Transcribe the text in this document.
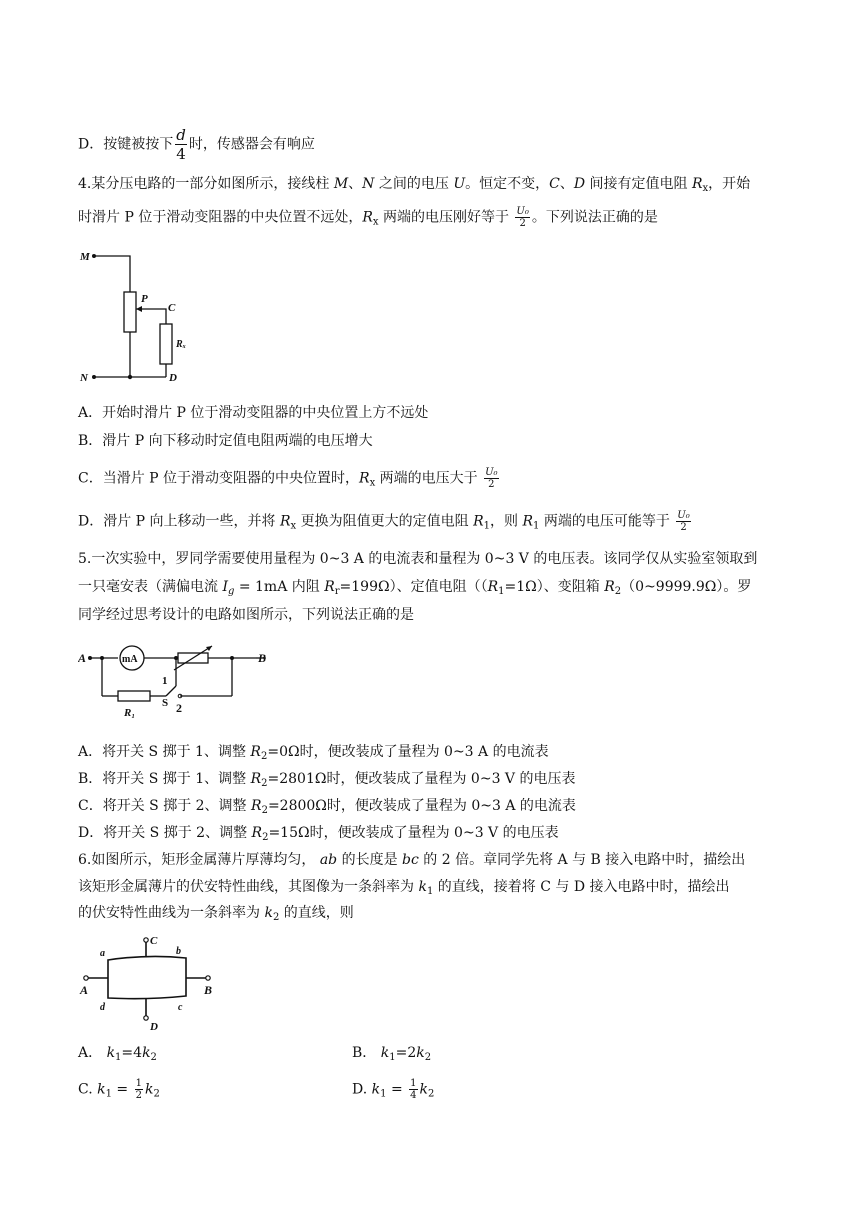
D．按键被按下 $\frac{d}{4}$ 时，传感器会有响应
4.某分压电路的一部分如图所示，接线柱 M、N 之间的电压 U。恒定不变，C、D 间接有定值电阻 $R_x$，开始
时滑片 P 位于滑动变阻器的中央位置不远处，$R_x$ 两端的电压刚好等于 $\frac{\text{U₀}}{2}$ 。下列说法正确的是
M
N
P
C
D
Rₓ
A．开始时滑片 P 位于滑动变阻器的中央位置上方不远处
B．滑片 P 向下移动时定值电阻两端的电压增大
C．当滑片 P 位于滑动变阻器的中央位置时，$R_x$ 两端的电压大于 $\frac{\text{U₀}}{2}$
D．滑片 P 向上移动一些，并将 $R_x$ 更换为阻值更大的定值电阻 $R_1$，则 $R_1$ 两端的电压可能等于 $\frac{\text{U₀}}{2}$
5.一次实验中，罗同学需要使用量程为 0~3 A 的电流表和量程为 0~3 V 的电压表。该同学仅从实验室领取到
一只毫安表（满偏电流 $I_g = 1mA$ 内阻 $R_r=199\Omega$）、定值电阻（$(R_1=1\Omega)$、变阻箱 $R_2(0\sim 9999.9\Omega)$。罗
同学经过思考设计的电路如图所示，下列说法正确的是
A	B
mA
R₁
S
1
2
A．将开关 S 掷于 1、调整 $R_2=0\Omega$时，便改装成了量程为 0~3 A 的电流表
B．将开关 S 掷于 1、调整 $R_2=2801\Omega$时，便改装成了量程为 0~3 V 的电压表
C．将开关 S 掷于 2、调整 $R_2=2800\Omega$时，便改装成了量程为 0~3 A 的电流表
D．将开关 S 掷于 2、调整 $R_2=15\Omega$时，便改装成了量程为 0~3 V 的电压表
6.如图所示，矩形金属薄片厚薄均匀， ab 的长度是 bc 的 2 倍。章同学先将 A 与 B 接入电路中时，描绘出
该矩形金属薄片的伏安特性曲线，其图像为一条斜率为 $k_1$ 的直线，接着将 C 与 D 接入电路中时，描绘出
的伏安特性曲线为一条斜率为 $k_2$ 的直线，则
a	b
c
d
A	B
C
D
A． $k_1=4k_2$	B． $k_1=2k_2$
C. $k_1 = \frac{1}{2} k_2$	D. $k_1 = \frac{1}{4} k_2$
